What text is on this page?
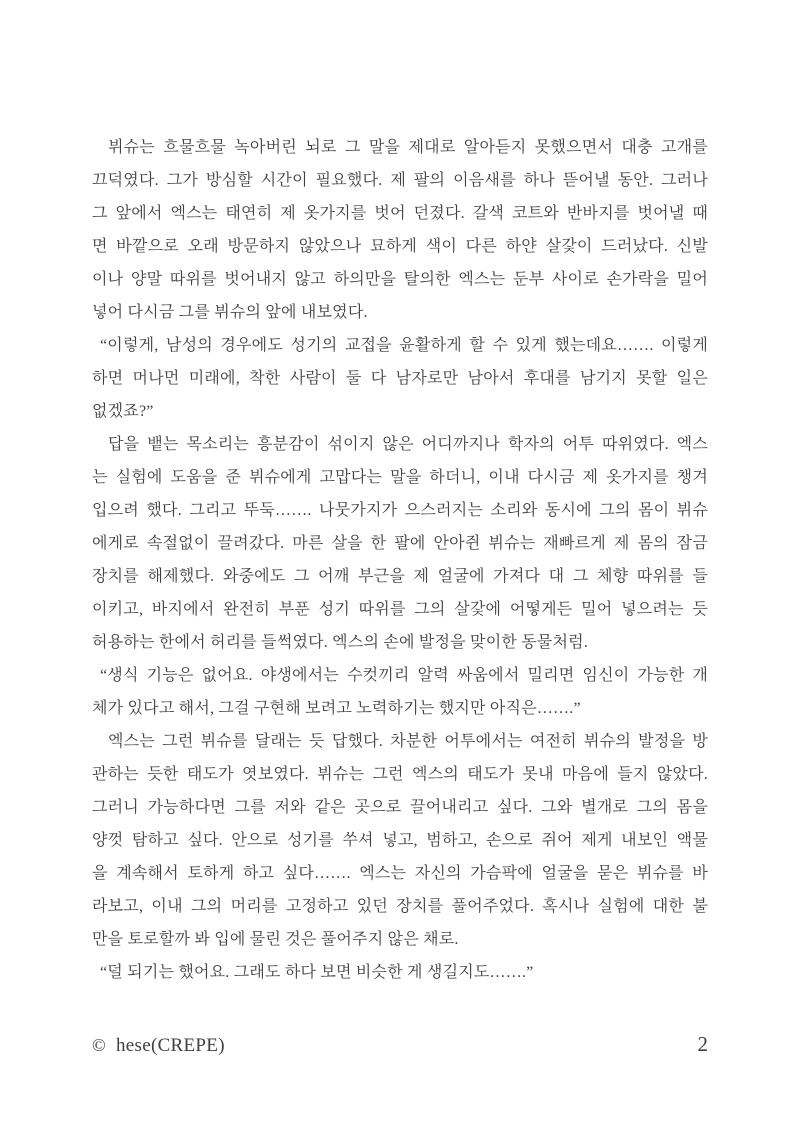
뷔슈는 흐물흐물 녹아버린 뇌로 그 말을 제대로 알아듣지 못했으면서 대충 고개를
끄덕였다. 그가 방심할 시간이 필요했다. 제 팔의 이음새를 하나 뜯어낼 동안. 그러나
그 앞에서 엑스는 태연히 제 옷가지를 벗어 던졌다. 갈색 코트와 반바지를 벗어낼 때
면 바깥으로 오래 방문하지 않았으나 묘하게 색이 다른 하얀 살갗이 드러났다. 신발
이나 양말 따위를 벗어내지 않고 하의만을 탈의한 엑스는 둔부 사이로 손가락을 밀어
넣어 다시금 그를 뷔슈의 앞에 내보였다.
“이렇게, 남성의 경우에도 성기의 교접을 윤활하게 할 수 있게 했는데요……. 이렇게
하면 머나먼 미래에, 착한 사람이 둘 다 남자로만 남아서 후대를 남기지 못할 일은
없겠죠?”
답을 뱉는 목소리는 흥분감이 섞이지 않은 어디까지나 학자의 어투 따위였다. 엑스
는 실험에 도움을 준 뷔슈에게 고맙다는 말을 하더니, 이내 다시금 제 옷가지를 챙겨
입으려 했다. 그리고 뚜둑……. 나뭇가지가 으스러지는 소리와 동시에 그의 몸이 뷔슈
에게로 속절없이 끌려갔다. 마른 살을 한 팔에 안아쥔 뷔슈는 재빠르게 제 몸의 잠금
장치를 해제했다. 와중에도 그 어깨 부근을 제 얼굴에 가져다 대 그 체향 따위를 들
이키고, 바지에서 완전히 부푼 성기 따위를 그의 살갗에 어떻게든 밀어 넣으려는 듯
허용하는 한에서 허리를 들썩였다. 엑스의 손에 발정을 맞이한 동물처럼.
“생식 기능은 없어요. 야생에서는 수컷끼리 알력 싸움에서 밀리면 임신이 가능한 개
체가 있다고 해서, 그걸 구현해 보려고 노력하기는 했지만 아직은…….”
엑스는 그런 뷔슈를 달래는 듯 답했다. 차분한 어투에서는 여전히 뷔슈의 발정을 방
관하는 듯한 태도가 엿보였다. 뷔슈는 그런 엑스의 태도가 못내 마음에 들지 않았다.
그러니 가능하다면 그를 저와 같은 곳으로 끌어내리고 싶다. 그와 별개로 그의 몸을
양껏 탐하고 싶다. 안으로 성기를 쑤셔 넣고, 범하고, 손으로 쥐어 제게 내보인 액물
을 계속해서 토하게 하고 싶다……. 엑스는 자신의 가슴팍에 얼굴을 묻은 뷔슈를 바
라보고, 이내 그의 머리를 고정하고 있던 장치를 풀어주었다. 혹시나 실험에 대한 불
만을 토로할까 봐 입에 물린 것은 풀어주지 않은 채로.
“덜 되기는 했어요. 그래도 하다 보면 비슷한 게 생길지도…….”
© hese(CREPE)	2
